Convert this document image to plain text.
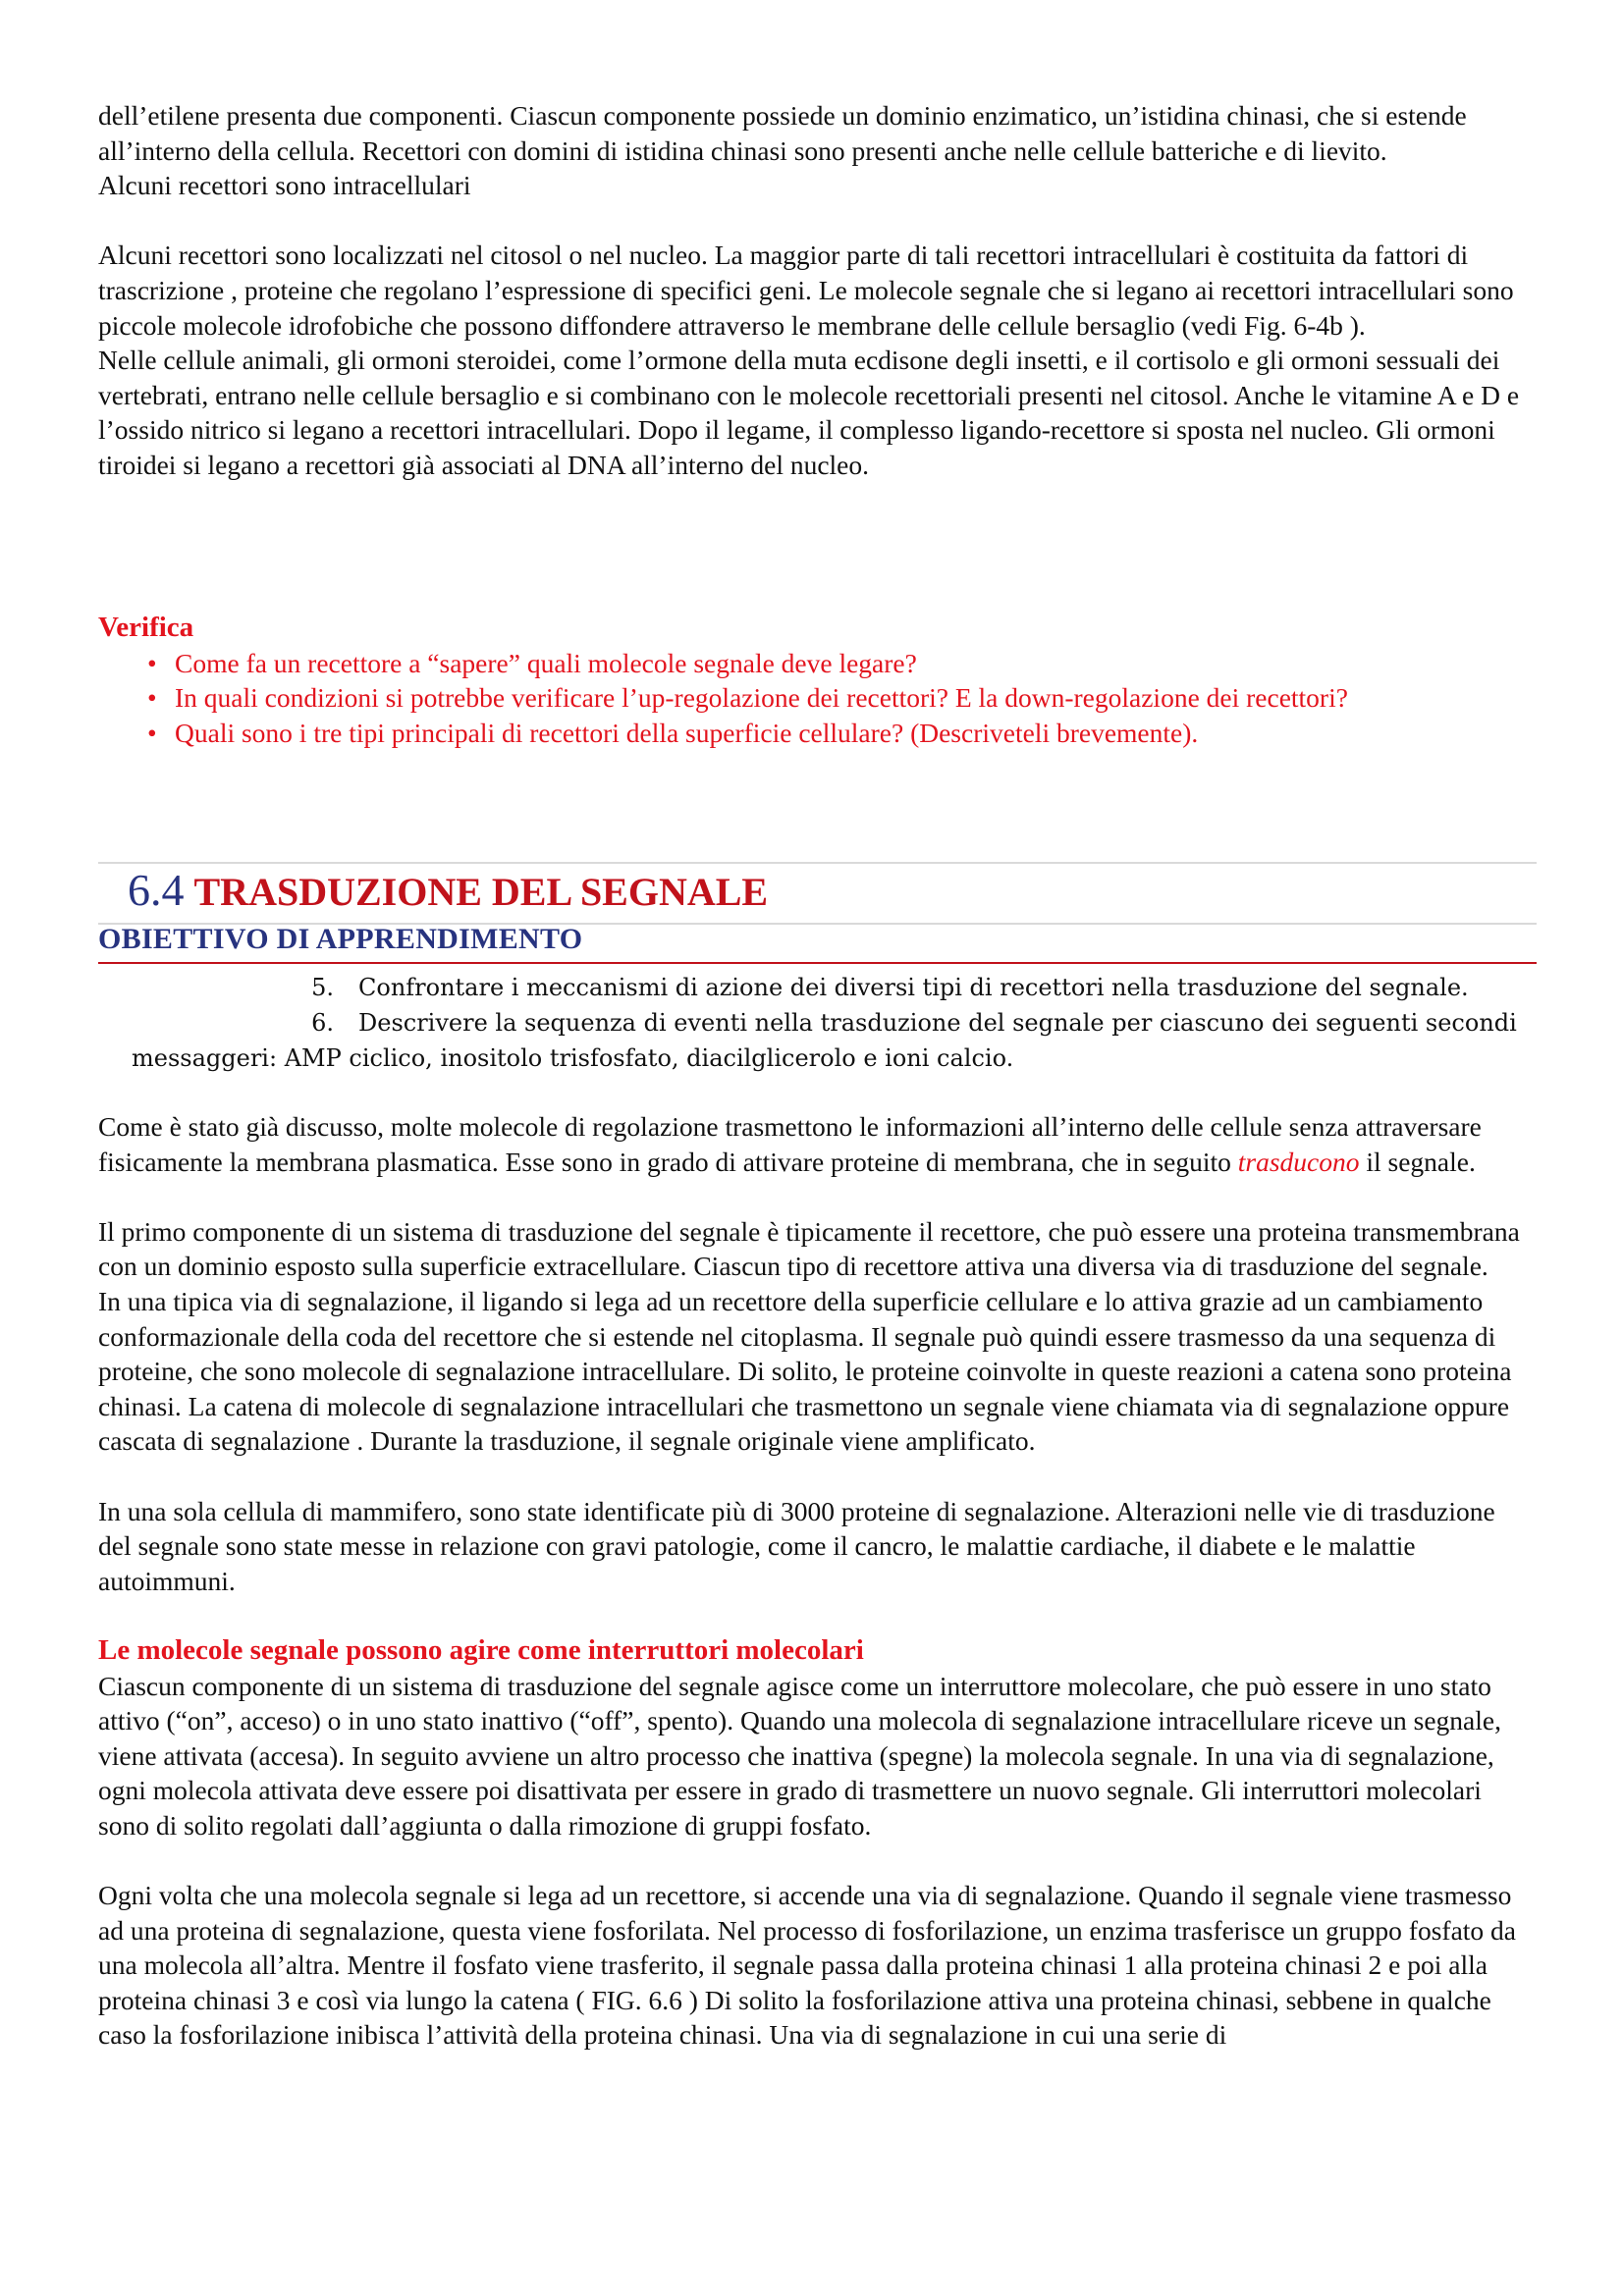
dell’etilene presenta due componenti. Ciascun componente possiede un dominio enzimatico, un’istidina chinasi, che si estende all’interno della cellula. Recettori con domini di istidina chinasi sono presenti anche nelle cellule batteriche e di lievito.

Alcuni recettori sono intracellulari

Alcuni recettori sono localizzati nel citosol o nel nucleo. La maggior parte di tali recettori intracellulari è costituita da fattori di trascrizione , proteine che regolano l’espressione di specifici geni. Le molecole segnale che si legano ai recettori intracellulari sono piccole molecole idrofobiche che possono diffondere attraverso le membrane delle cellule bersaglio (vedi Fig. 6-4b ).

Nelle cellule animali, gli ormoni steroidei, come l’ormone della muta ecdisone degli insetti, e il cortisolo e gli ormoni sessuali dei vertebrati, entrano nelle cellule bersaglio e si combinano con le molecole recettoriali presenti nel citosol. Anche le vitamine A e D e l’ossido nitrico si legano a recettori intracellulari. Dopo il legame, il complesso ligando-recettore si sposta nel nucleo. Gli ormoni tiroidei si legano a recettori già associati al DNA all’interno del nucleo.

Verifica

• Come fa un recettore a “sapere” quali molecole segnale deve legare?
• In quali condizioni si potrebbe verificare l’up-regolazione dei recettori? E la down-regolazione dei recettori?
• Quali sono i tre tipi principali di recettori della superficie cellulare? (Descriveteli brevemente).
6.4 TRASDUZIONE DEL SEGNALE
OBIETTIVO DI APPRENDIMENTO
5. Confrontare i meccanismi di azione dei diversi tipi di recettori nella trasduzione del segnale.
6. Descrivere la sequenza di eventi nella trasduzione del segnale per ciascuno dei seguenti secondi
messaggeri: AMP ciclico, inositolo trisfosfato, diacilglicerolo e ioni calcio.

Come è stato già discusso, molte molecole di regolazione trasmettono le informazioni all’interno delle cellule senza attraversare fisicamente la membrana plasmatica. Esse sono in grado di attivare proteine di membrana, che in seguito trasducono il segnale.

Il primo componente di un sistema di trasduzione del segnale è tipicamente il recettore, che può essere una proteina transmembrana con un dominio esposto sulla superficie extracellulare. Ciascun tipo di recettore attiva una diversa via di trasduzione del segnale.

In una tipica via di segnalazione, il ligando si lega ad un recettore della superficie cellulare e lo attiva grazie ad un cambiamento conformazionale della coda del recettore che si estende nel citoplasma. Il segnale può quindi essere trasmesso da una sequenza di proteine, che sono molecole di segnalazione intracellulare. Di solito, le proteine coinvolte in queste reazioni a catena sono proteina chinasi. La catena di molecole di segnalazione intracellulari che trasmettono un segnale viene chiamata via di segnalazione oppure cascata di segnalazione . Durante la trasduzione, il segnale originale viene amplificato.

In una sola cellula di mammifero, sono state identificate più di 3000 proteine di segnalazione. Alterazioni nelle vie di trasduzione del segnale sono state messe in relazione con gravi patologie, come il cancro, le malattie cardiache, il diabete e le malattie autoimmuni.

Le molecole segnale possono agire come interruttori molecolari

Ciascun componente di un sistema di trasduzione del segnale agisce come un interruttore molecolare, che può essere in uno stato attivo (“on”, acceso) o in uno stato inattivo (“off”, spento). Quando una molecola di segnalazione intracellulare riceve un segnale, viene attivata (accesa). In seguito avviene un altro processo che inattiva (spegne) la molecola segnale. In una via di segnalazione, ogni molecola attivata deve essere poi disattivata per essere in grado di trasmettere un nuovo segnale. Gli interruttori molecolari sono di solito regolati dall’aggiunta o dalla rimozione di gruppi fosfato.

Ogni volta che una molecola segnale si lega ad un recettore, si accende una via di segnalazione. Quando il segnale viene trasmesso ad una proteina di segnalazione, questa viene fosforilata. Nel processo di fosforilazione, un enzima trasferisce un gruppo fosfato da una molecola all’altra. Mentre il fosfato viene trasferito, il segnale passa dalla proteina chinasi 1 alla proteina chinasi 2 e poi alla proteina chinasi 3 e così via lungo la catena ( FIG. 6.6 ) Di solito la fosforilazione attiva una proteina chinasi, sebbene in qualche caso la fosforilazione inibisca l’attività della proteina chinasi. Una via di segnalazione in cui una serie di
